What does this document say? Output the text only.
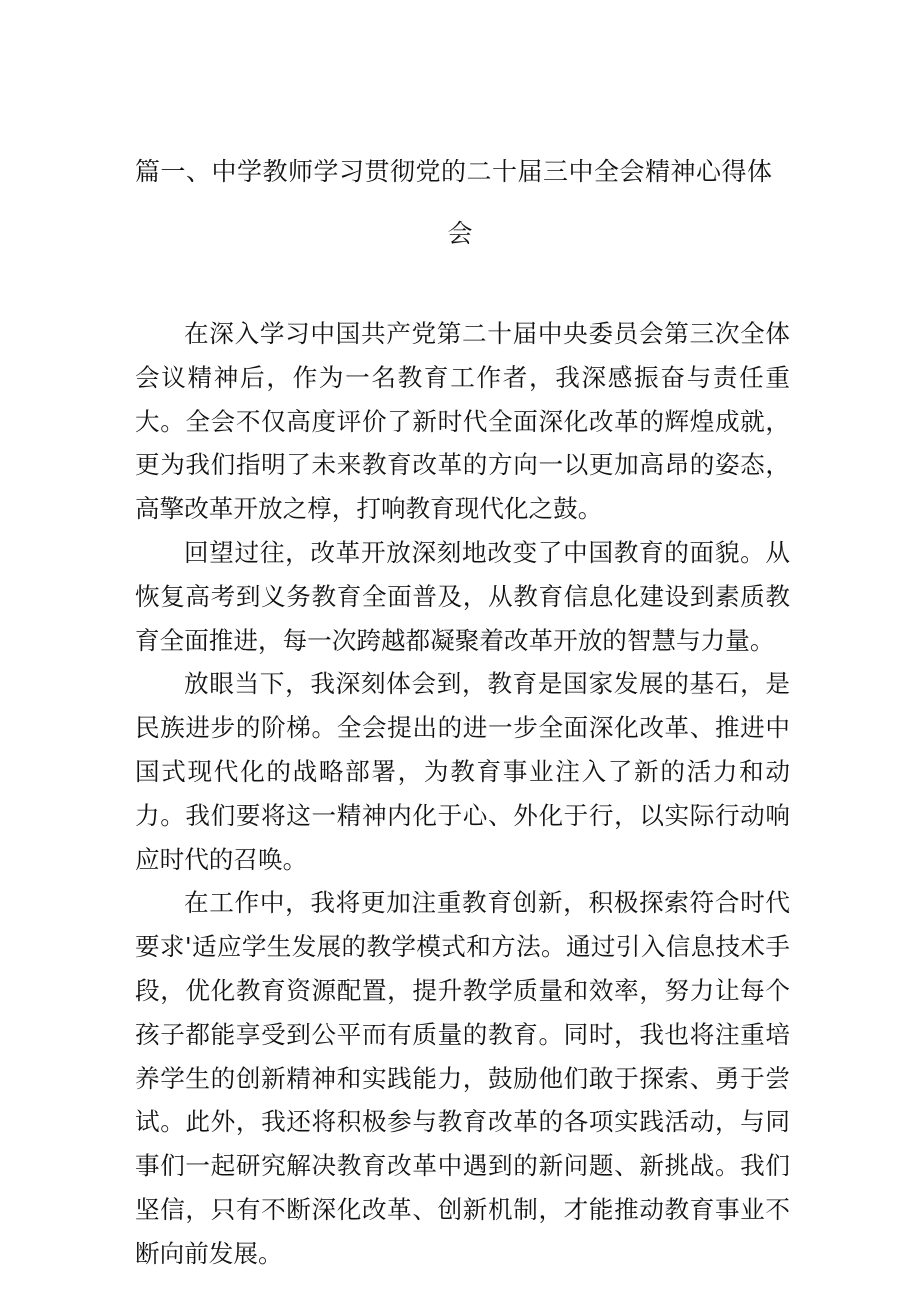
篇一、中学教师学习贯彻党的二十届三中全会精神心得体
会

在深入学习中国共产党第二十届中央委员会第三次全体会议精神后，作为一名教育工作者，我深感振奋与责任重大。全会不仅高度评价了新时代全面深化改革的辉煌成就，更为我们指明了未来教育改革的方向一以更加高昂的姿态，高擎改革开放之椁，打响教育现代化之鼓。

回望过往，改革开放深刻地改变了中国教育的面貌。从恢复高考到义务教育全面普及，从教育信息化建设到素质教育全面推进，每一次跨越都凝聚着改革开放的智慧与力量。

放眼当下，我深刻体会到，教育是国家发展的基石，是民族进步的阶梯。全会提出的进一步全面深化改革、推进中国式现代化的战略部署，为教育事业注入了新的活力和动力。我们要将这一精神内化于心、外化于行，以实际行动响应时代的召唤。

在工作中，我将更加注重教育创新，积极探索符合时代要求'适应学生发展的教学模式和方法。通过引入信息技术手段，优化教育资源配置，提升教学质量和效率，努力让每个孩子都能享受到公平而有质量的教育。同时，我也将注重培养学生的创新精神和实践能力，鼓励他们敢于探索、勇于尝试。此外，我还将积极参与教育改革的各项实践活动，与同事们一起研究解决教育改革中遇到的新问题、新挑战。我们坚信，只有不断深化改革、创新机制，才能推动教育事业不断向前发展。
